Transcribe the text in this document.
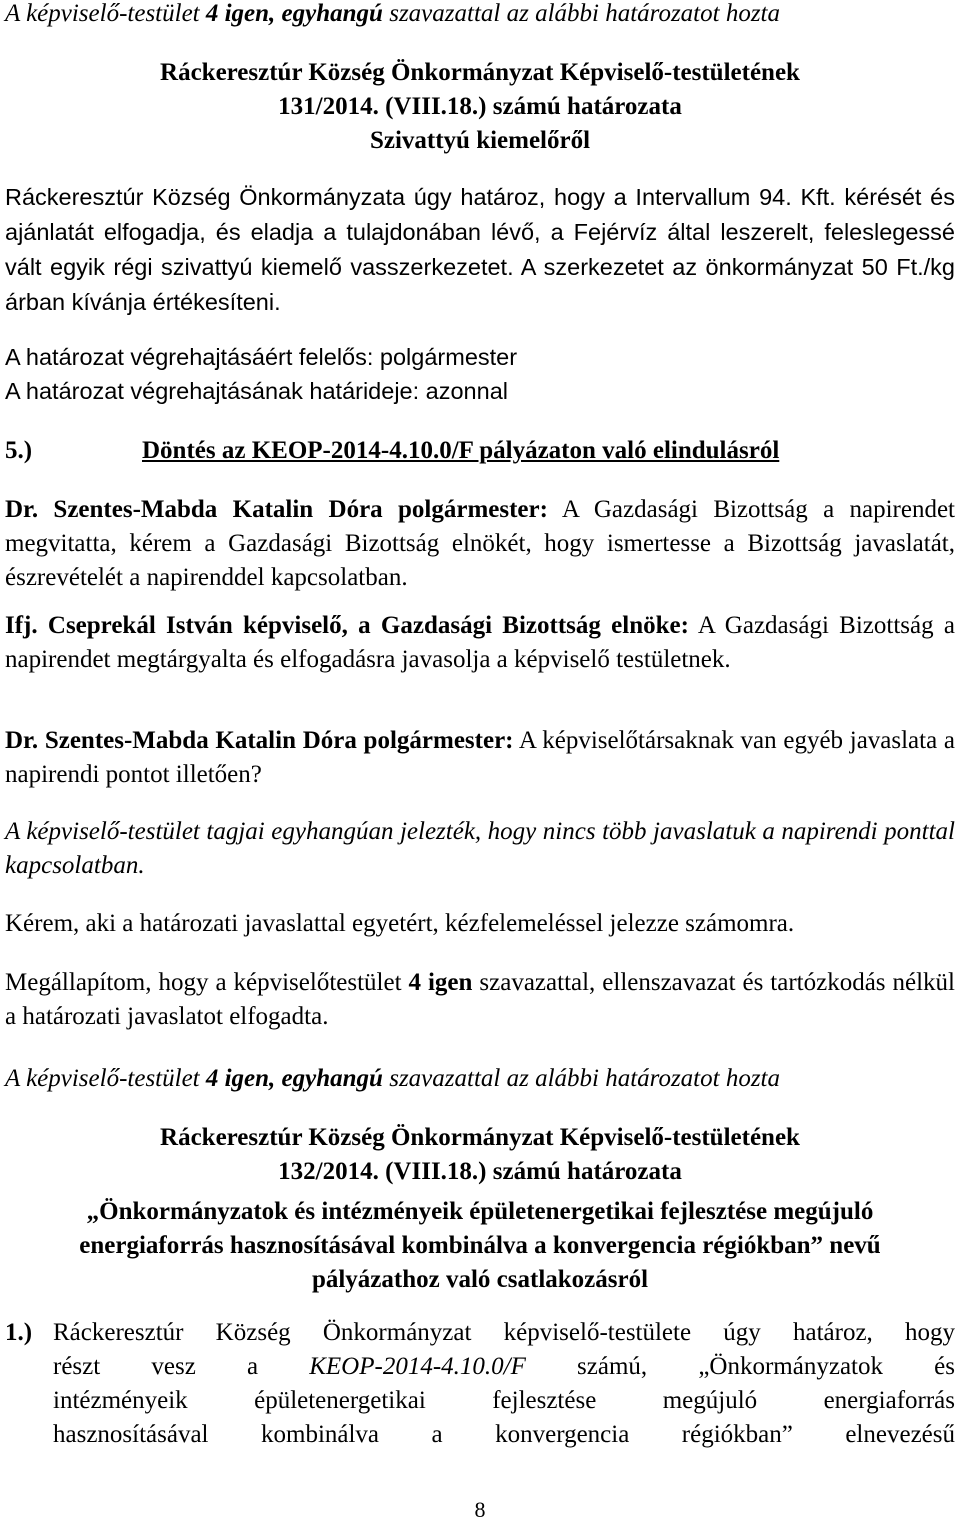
A képviselő-testület 4 igen, egyhangú szavazattal az alábbi határozatot hozta

Ráckeresztúr Község Önkormányzat Képviselő-testületének

131/2014. (VIII.18.) számú határozata

Szivattyú kiemelőről

Ráckeresztúr Község Önkormányzata úgy határoz, hogy a Intervallum 94. Kft. kérését és ajánlatát elfogadja, és eladja a tulajdonában lévő, a Fejérvíz által leszerelt, feleslegessé vált egyik régi szivattyú kiemelő vasszerkezetet. A szerkezetet az önkormányzat 50 Ft./kg árban kívánja értékesíteni.

A határozat végrehajtásáért felelős: polgármester

A határozat végrehajtásának határideje: azonnal

5.)	Döntés az KEOP-2014-4.10.0/F pályázaton való elindulásról

Dr. Szentes-Mabda Katalin Dóra polgármester: A Gazdasági Bizottság a napirendet megvitatta, kérem a Gazdasági Bizottság elnökét, hogy ismertesse a Bizottság javaslatát, észrevételét a napirenddel kapcsolatban.

Ifj. Cseprekál István képviselő, a Gazdasági Bizottság elnöke: A Gazdasági Bizottság a napirendet megtárgyalta és elfogadásra javasolja a képviselő testületnek.

Dr. Szentes-Mabda Katalin Dóra polgármester: A képviselőtársaknak van egyéb javaslata a napirendi pontot illetően?

A képviselő-testület tagjai egyhangúan jelezték, hogy nincs több javaslatuk a napirendi ponttal kapcsolatban.

Kérem, aki a határozati javaslattal egyetért, kézfelemeléssel jelezze számomra.

Megállapítom, hogy a képviselőtestület 4 igen szavazattal, ellenszavazat és tartózkodás nélkül a határozati javaslatot elfogadta.

A képviselő-testület 4 igen, egyhangú szavazattal az alábbi határozatot hozta

Ráckeresztúr Község Önkormányzat Képviselő-testületének

132/2014. (VIII.18.) számú határozata

„Önkormányzatok és intézményeik épületenergetikai fejlesztése megújuló

energiaforrás hasznosításával kombinálva a konvergencia régiókban” nevű

pályázathoz való csatlakozásról

1.) Ráckeresztúr Község Önkormányzat képviselő-testülete úgy határoz, hogy
részt vesz a KEOP-2014-4.10.0/F számú, „Önkormányzatok és
intézményeik épületenergetikai fejlesztése megújuló energiaforrás
hasznosításával kombinálva a konvergencia régiókban” elnevezésű
8
